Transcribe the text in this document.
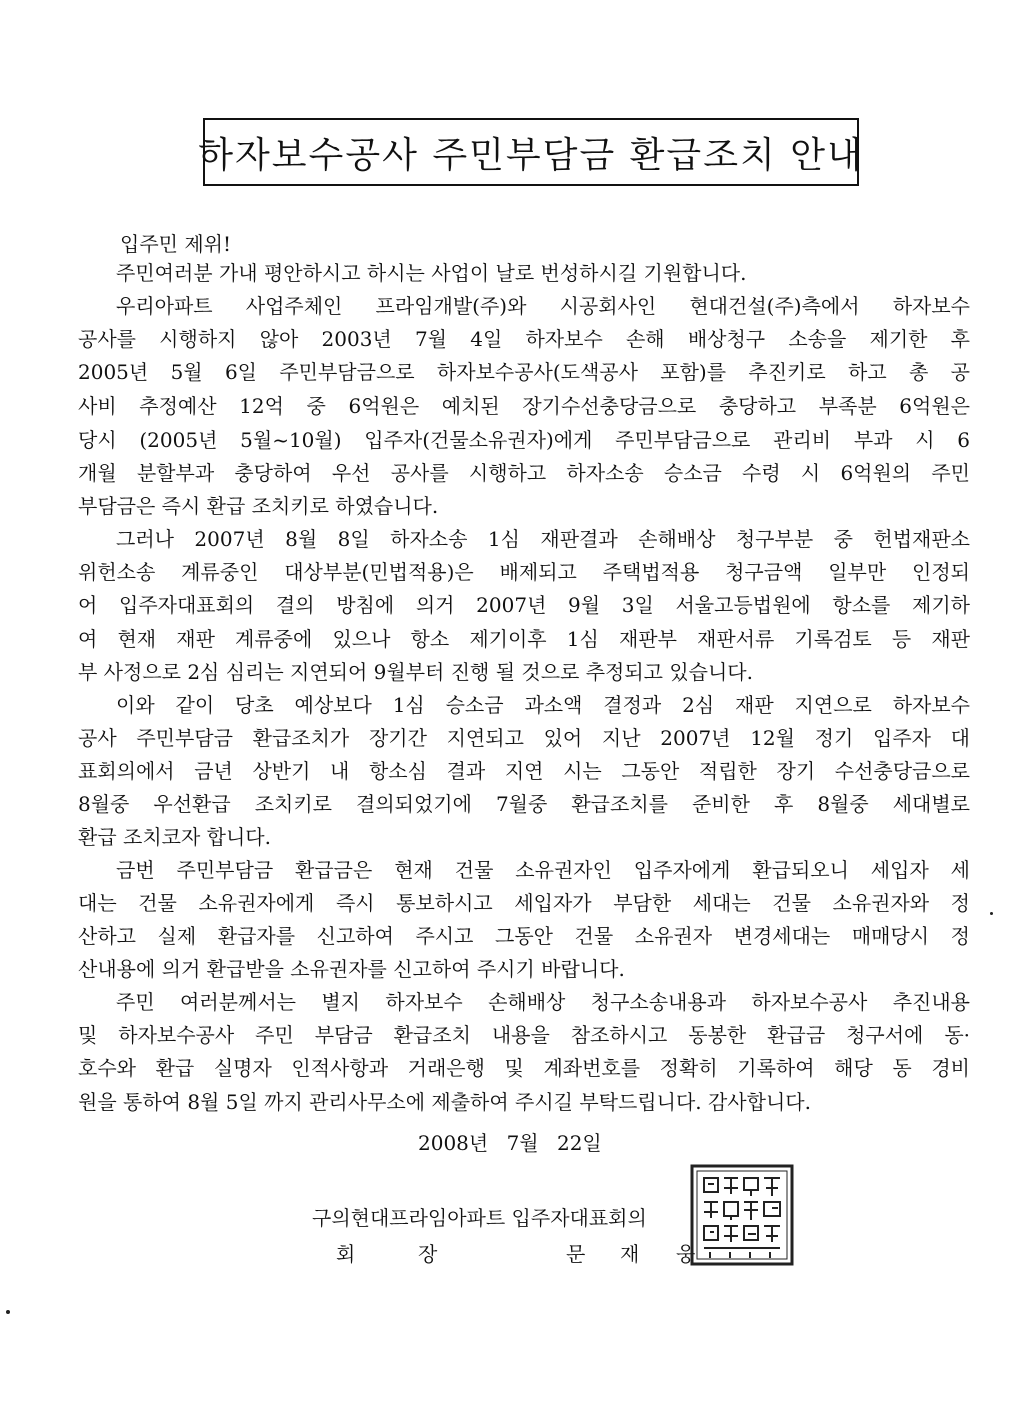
하자보수공사 주민부담금 환급조치 안내
입주민 제위!
주민여러분 가내 평안하시고 하시는 사업이 날로 번성하시길 기원합니다.
우리아파트 사업주체인 프라임개발(주)와 시공회사인 현대건설(주)측에서 하자보수
공사를 시행하지 않아 2003년 7월 4일 하자보수 손해 배상청구 소송을 제기한 후
2005년 5월 6일 주민부담금으로 하자보수공사(도색공사 포함)를 추진키로 하고 총 공
사비 추정예산 12억 중 6억원은 예치된 장기수선충당금으로 충당하고 부족분 6억원은
당시 (2005년 5월~10월) 입주자(건물소유권자)에게 주민부담금으로 관리비 부과 시 6
개월 분할부과 충당하여 우선 공사를 시행하고 하자소송 승소금 수령 시 6억원의 주민
부담금은 즉시 환급 조치키로 하였습니다.
그러나 2007년 8월 8일 하자소송 1심 재판결과 손해배상 청구부분 중 헌법재판소
위헌소송 계류중인 대상부분(민법적용)은 배제되고 주택법적용 청구금액 일부만 인정되
어 입주자대표회의 결의 방침에 의거 2007년 9월 3일 서울고등법원에 항소를 제기하
여 현재 재판 계류중에 있으나 항소 제기이후 1심 재판부 재판서류 기록검토 등 재판
부 사정으로 2심 심리는 지연되어 9월부터 진행 될 것으로 추정되고 있습니다.
이와 같이 당초 예상보다 1심 승소금 과소액 결정과 2심 재판 지연으로 하자보수
공사 주민부담금 환급조치가 장기간 지연되고 있어 지난 2007년 12월 정기 입주자 대
표회의에서 금년 상반기 내 항소심 결과 지연 시는 그동안 적립한 장기 수선충당금으로
8월중 우선환급 조치키로 결의되었기에 7월중 환급조치를 준비한 후 8월중 세대별로
환급 조치코자 합니다.
금번 주민부담금 환급금은 현재 건물 소유권자인 입주자에게 환급되오니 세입자 세
대는 건물 소유권자에게 즉시 통보하시고 세입자가 부담한 세대는 건물 소유권자와 정
산하고 실제 환급자를 신고하여 주시고 그동안 건물 소유권자 변경세대는 매매당시 정
산내용에 의거 환급받을 소유권자를 신고하여 주시기 바랍니다.
주민 여러분께서는 별지 하자보수 손해배상 청구소송내용과 하자보수공사 추진내용
및 하자보수공사 주민 부담금 환급조치 내용을 참조하시고 동봉한 환급금 청구서에 동·
호수와 환급 실명자 인적사항과 거래은행 및 계좌번호를 정확히 기록하여 해당 동 경비
원을 통하여 8월 5일 까지 관리사무소에 제출하여 주시길 부탁드립니다. 감사합니다.
2008년 7월 22일
구의현대프라임아파트 입주자대표회의
회	장	문 재 웅
